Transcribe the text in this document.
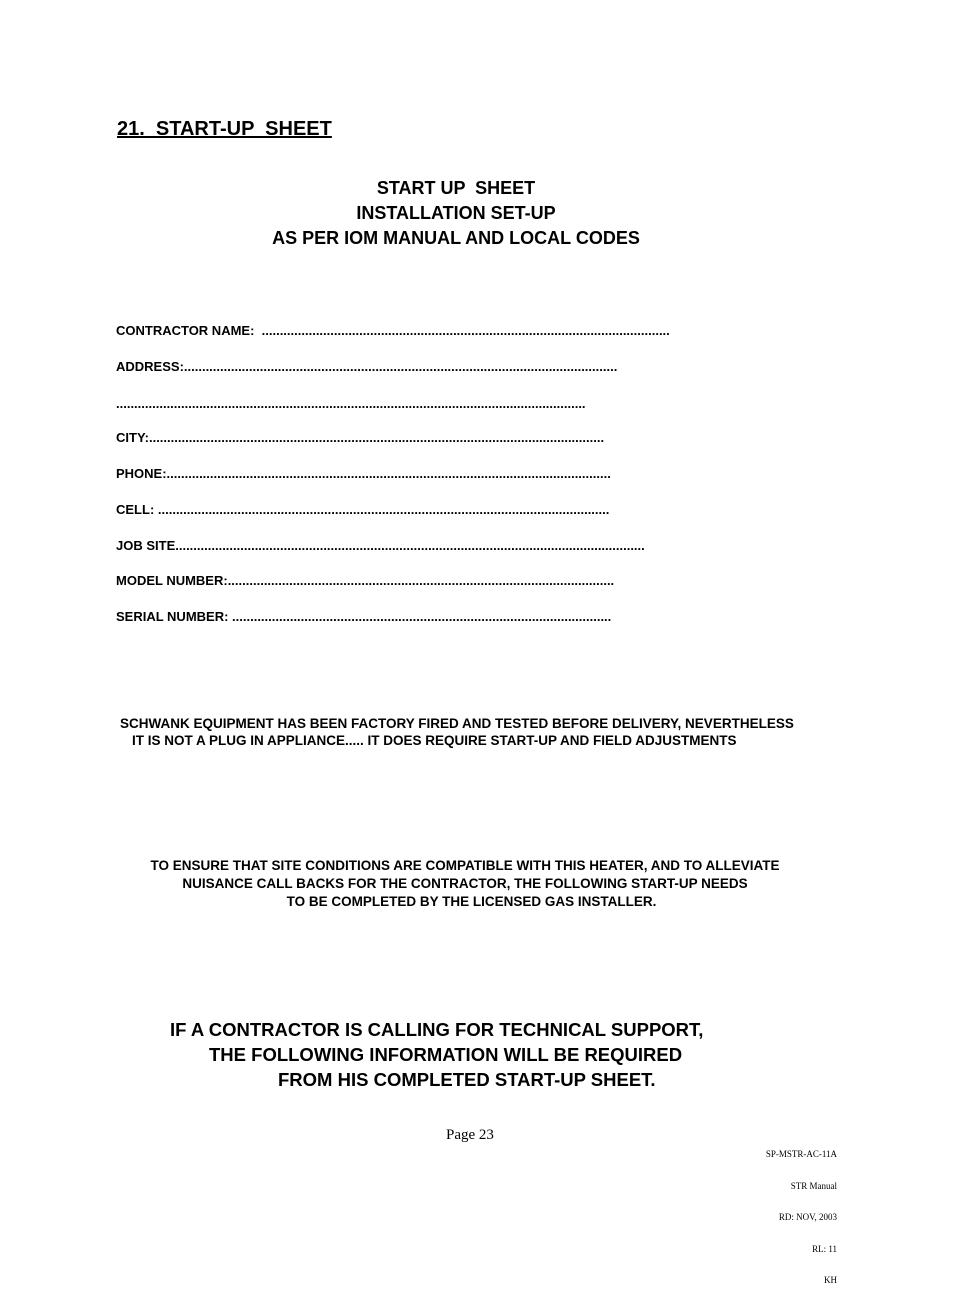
21.  START-UP  SHEET
START UP  SHEET
INSTALLATION SET-UP
AS PER IOM MANUAL AND LOCAL CODES
CONTRACTOR NAME:  .................................................................................................................
ADDRESS:........................................................................................................................
..................................................................................................................................
CITY:..............................................................................................................................
PHONE:...........................................................................................................................
CELL: .............................................................................................................................
JOB SITE..................................................................................................................................
MODEL NUMBER:...........................................................................................................
SERIAL NUMBER: .........................................................................................................
SCHWANK EQUIPMENT HAS BEEN FACTORY FIRED AND TESTED BEFORE DELIVERY, NEVERTHELESS
IT IS NOT A PLUG IN APPLIANCE..... IT DOES REQUIRE START-UP AND FIELD ADJUSTMENTS
TO ENSURE THAT SITE CONDITIONS ARE COMPATIBLE WITH THIS HEATER, AND TO ALLEVIATE
NUISANCE CALL BACKS FOR THE CONTRACTOR, THE FOLLOWING START-UP NEEDS
TO BE COMPLETED BY THE LICENSED GAS INSTALLER.
IF A CONTRACTOR IS CALLING FOR TECHNICAL SUPPORT,
THE FOLLOWING INFORMATION WILL BE REQUIRED
FROM HIS COMPLETED START-UP SHEET.
Page 23

SP-MSTR-AC-11A

STR Manual

RD: NOV, 2003

RL: 11

KH
